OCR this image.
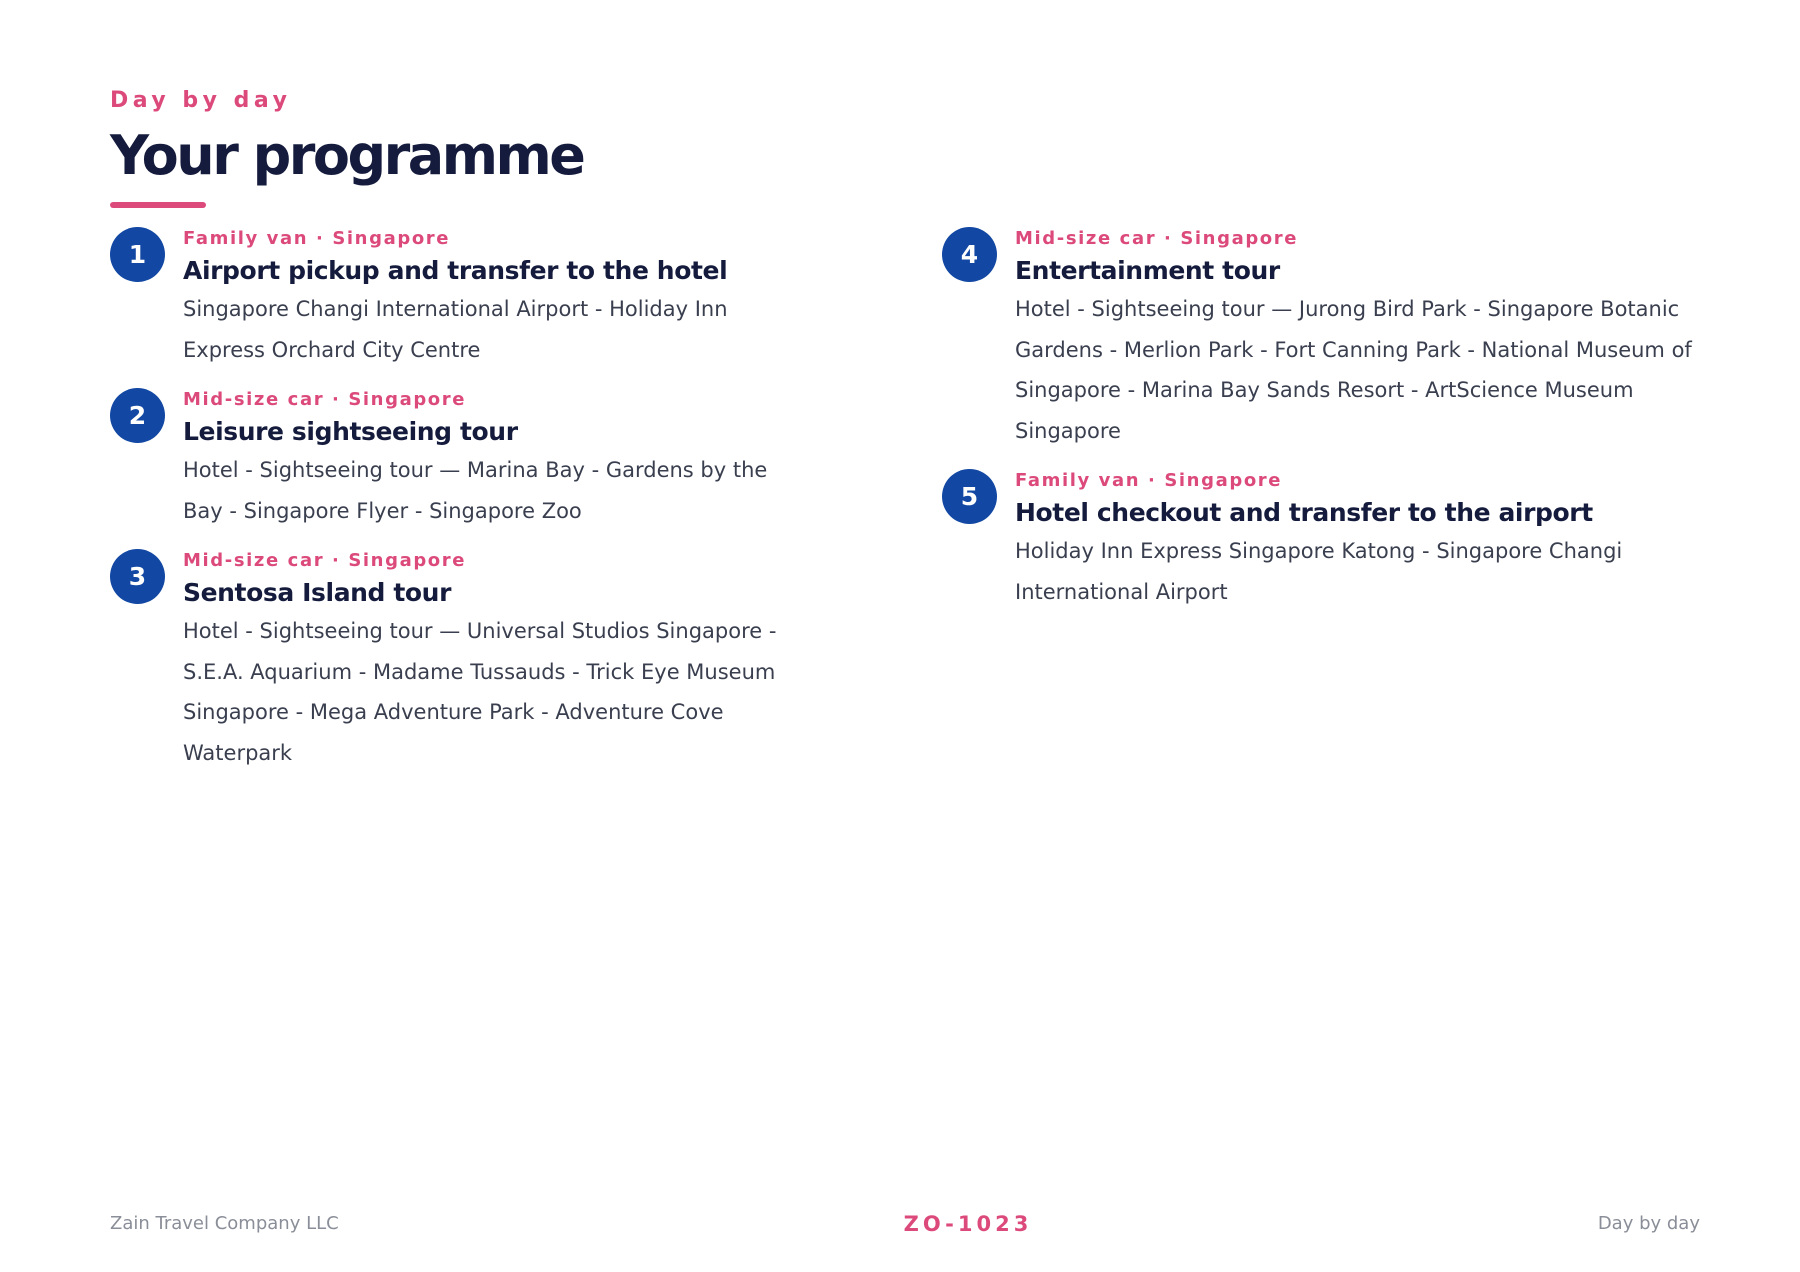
Day by day
Your programme
1
Family van · Singapore
Airport pickup and transfer to the hotel
Singapore Changi International Airport - Holiday Inn Express Orchard City Centre
2
Mid-size car · Singapore
Leisure sightseeing tour
Hotel - Sightseeing tour — Marina Bay - Gardens by the Bay - Singapore Flyer - Singapore Zoo
3
Mid-size car · Singapore
Sentosa Island tour
Hotel - Sightseeing tour — Universal Studios Singapore - S.E.A. Aquarium - Madame Tussauds - Trick Eye Museum Singapore - Mega Adventure Park - Adventure Cove Waterpark
4
Mid-size car · Singapore
Entertainment tour
Hotel - Sightseeing tour — Jurong Bird Park - Singapore Botanic Gardens - Merlion Park - Fort Canning Park - National Museum of Singapore - Marina Bay Sands Resort - ArtScience Museum Singapore
5
Family van · Singapore
Hotel checkout and transfer to the airport
Holiday Inn Express Singapore Katong - Singapore Changi International Airport
Zain Travel Company LLC	ZO-1023	Day by day
